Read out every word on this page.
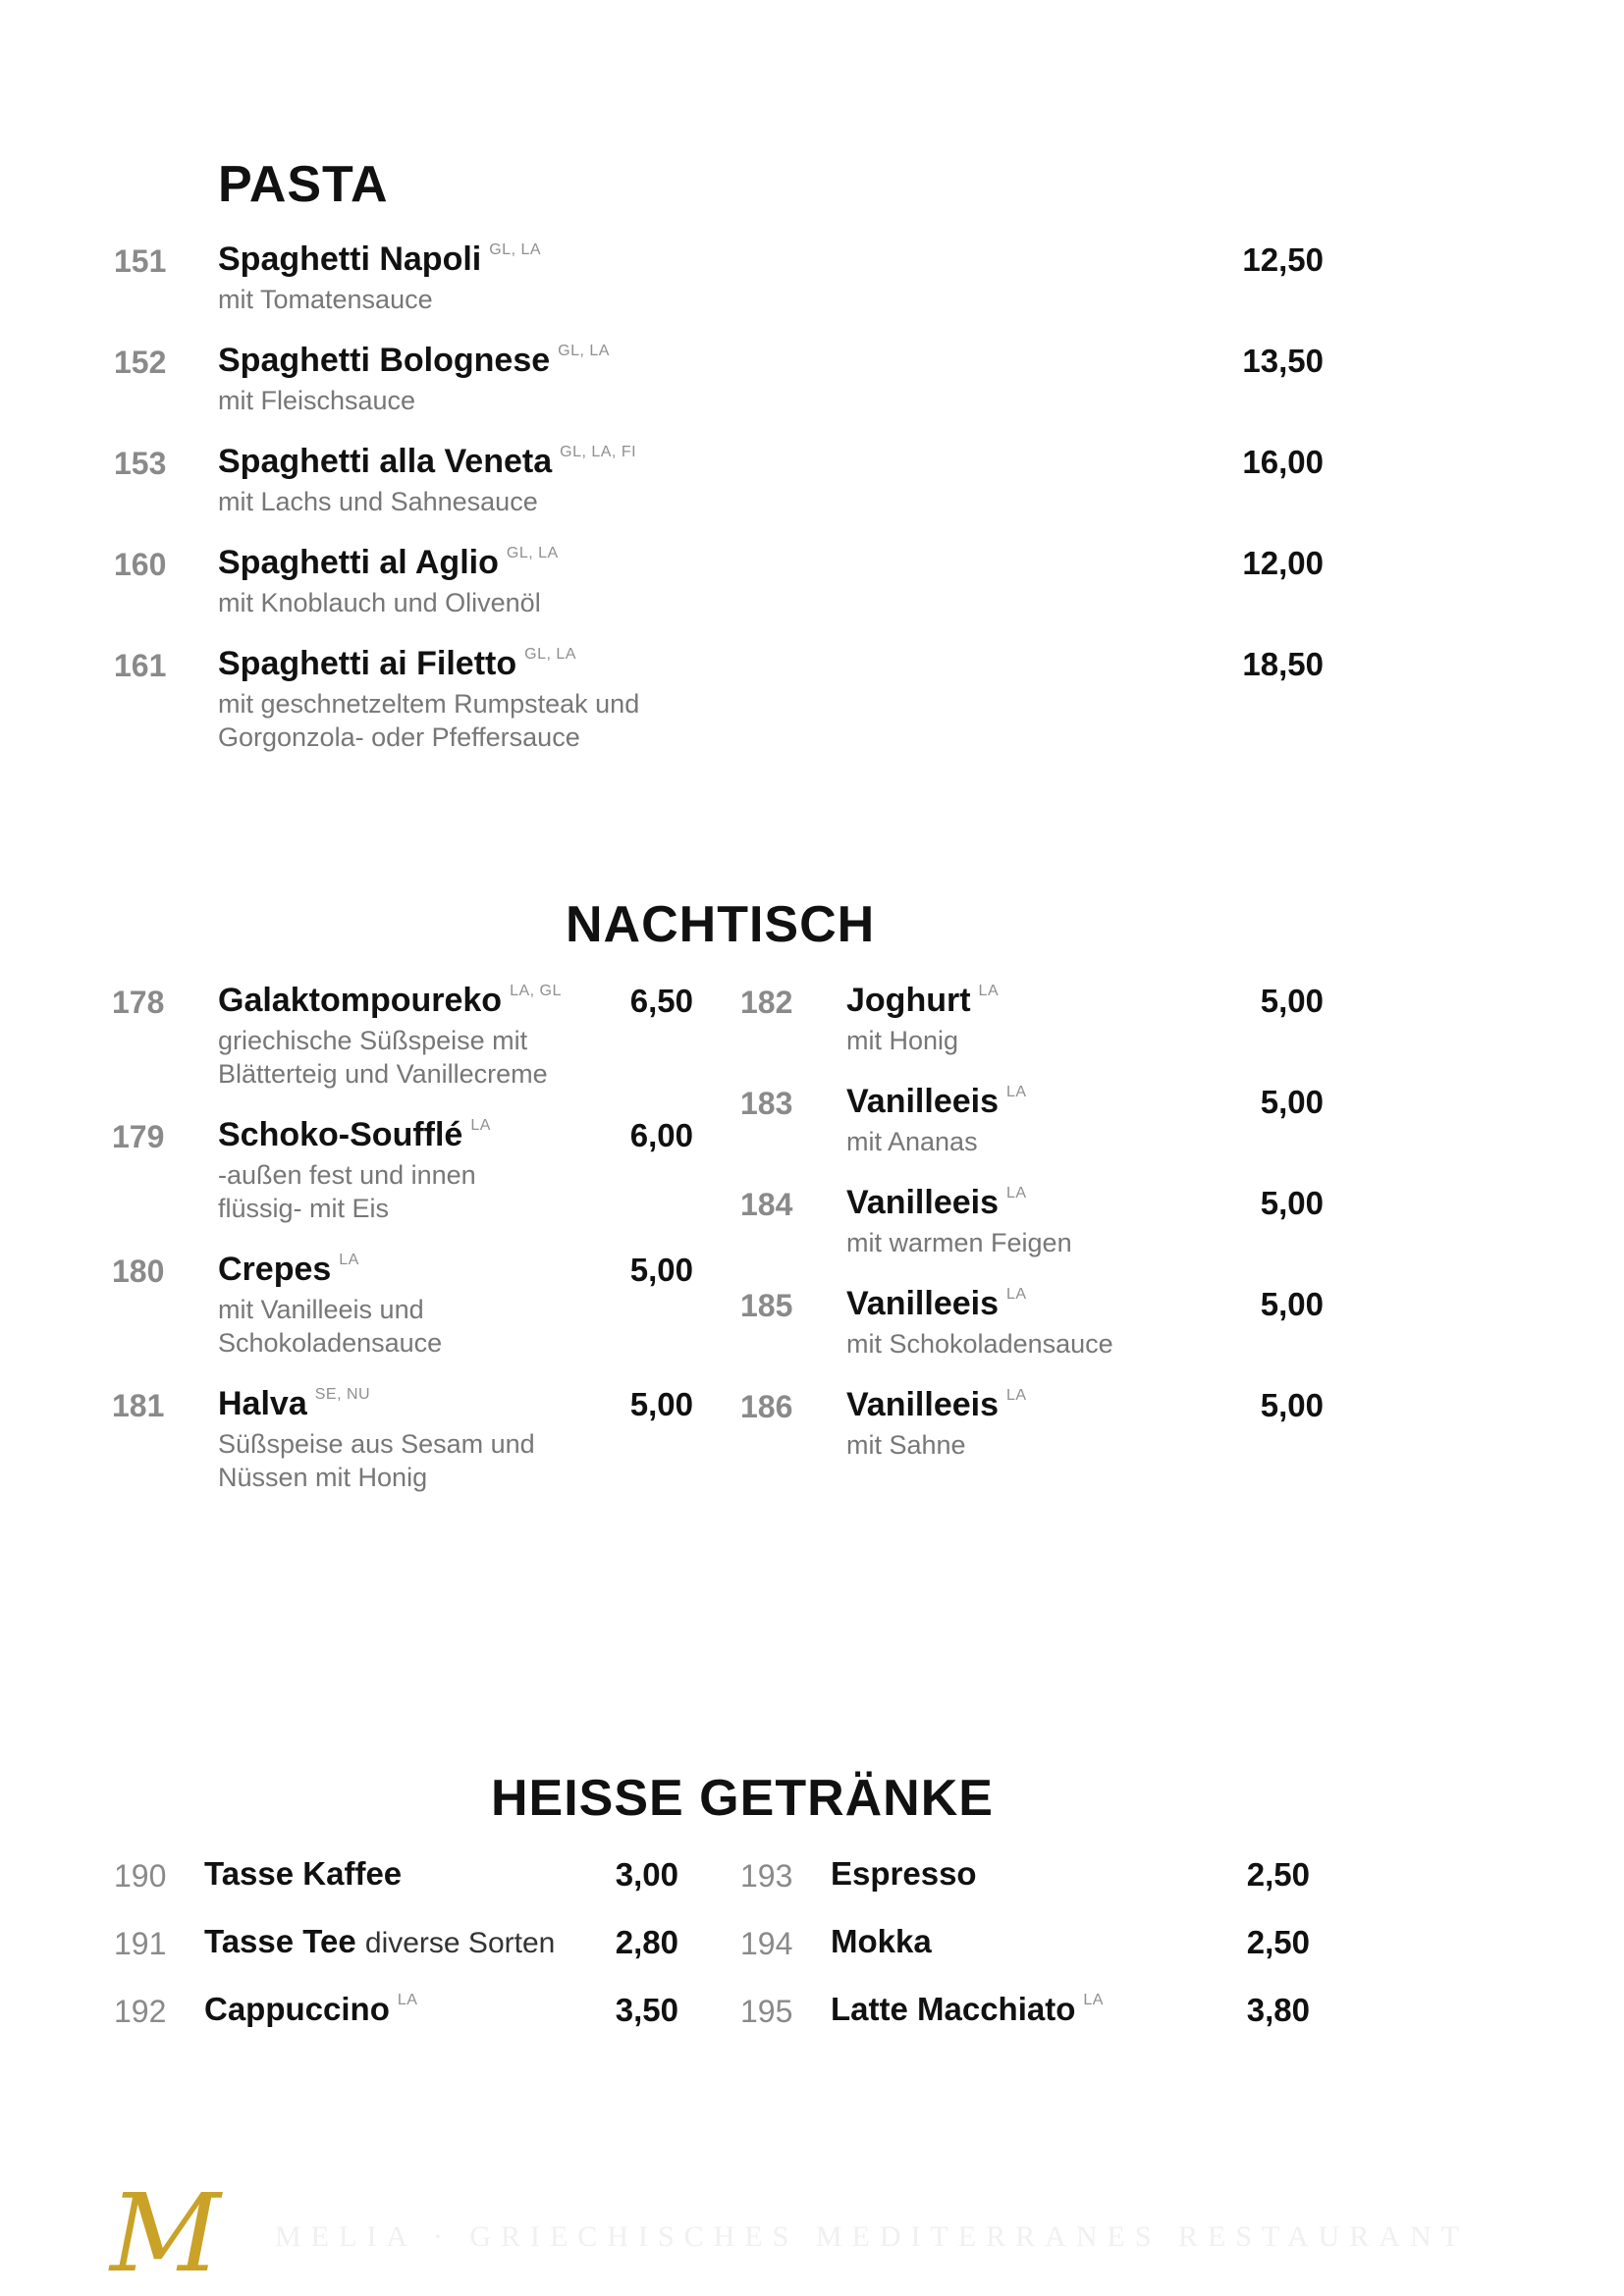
PASTA
151 Spaghetti Napoli $^{GL, LA}$
mit Tomatensauce
12,50
152 Spaghetti Bolognese $^{GL, LA}$
mit Fleischsauce
13,50
153 Spaghetti alla Veneta $^{GL, LA, FI}$
mit Lachs und Sahnesauce
16,00
160 Spaghetti al Aglio $^{GL, LA}$
mit Knoblauch und Olivenöl
12,00
161 Spaghetti ai Filetto $^{GL, LA}$
mit geschnetzeltem Rumpsteak und
Gorgonzola- oder Pfeffersauce
18,50
NACHTISCH
178 Galaktompoureko $^{LA, GL}$
griechische Süßspeise mit
Blätterteig und Vanillecreme
6,50
179 Schoko-Soufflé $^{LA}$
-außen fest und innen
flüssig- mit Eis
6,00
180 Crepes $^{LA}$
mit Vanilleeis und
Schokoladensauce
5,00
181 Halva $^{SE, NU}$
Süßspeise aus Sesam und
Nüssen mit Honig
5,00
182 Joghurt $^{LA}$
mit Honig
5,00
183 Vanilleeis $^{LA}$
mit Ananas
5,00
184 Vanilleeis $^{LA}$
mit warmen Feigen
5,00
185 Vanilleeis $^{LA}$
mit Schokoladensauce
5,00
186 Vanilleeis $^{LA}$
mit Sahne
5,00
HEISSE GETRÄNKE
190 Tasse Kaffee	3,00
191 Tasse Tee diverse Sorten 2,80
192 Cappuccino $^{LA}$	3,50
193 Espresso	2,50
194 Mokka	2,50
195 Latte Macchiato $^{LA}$	3,80
M MELIA · GRIECHISCHES MEDITERRANES RESTAURANT
